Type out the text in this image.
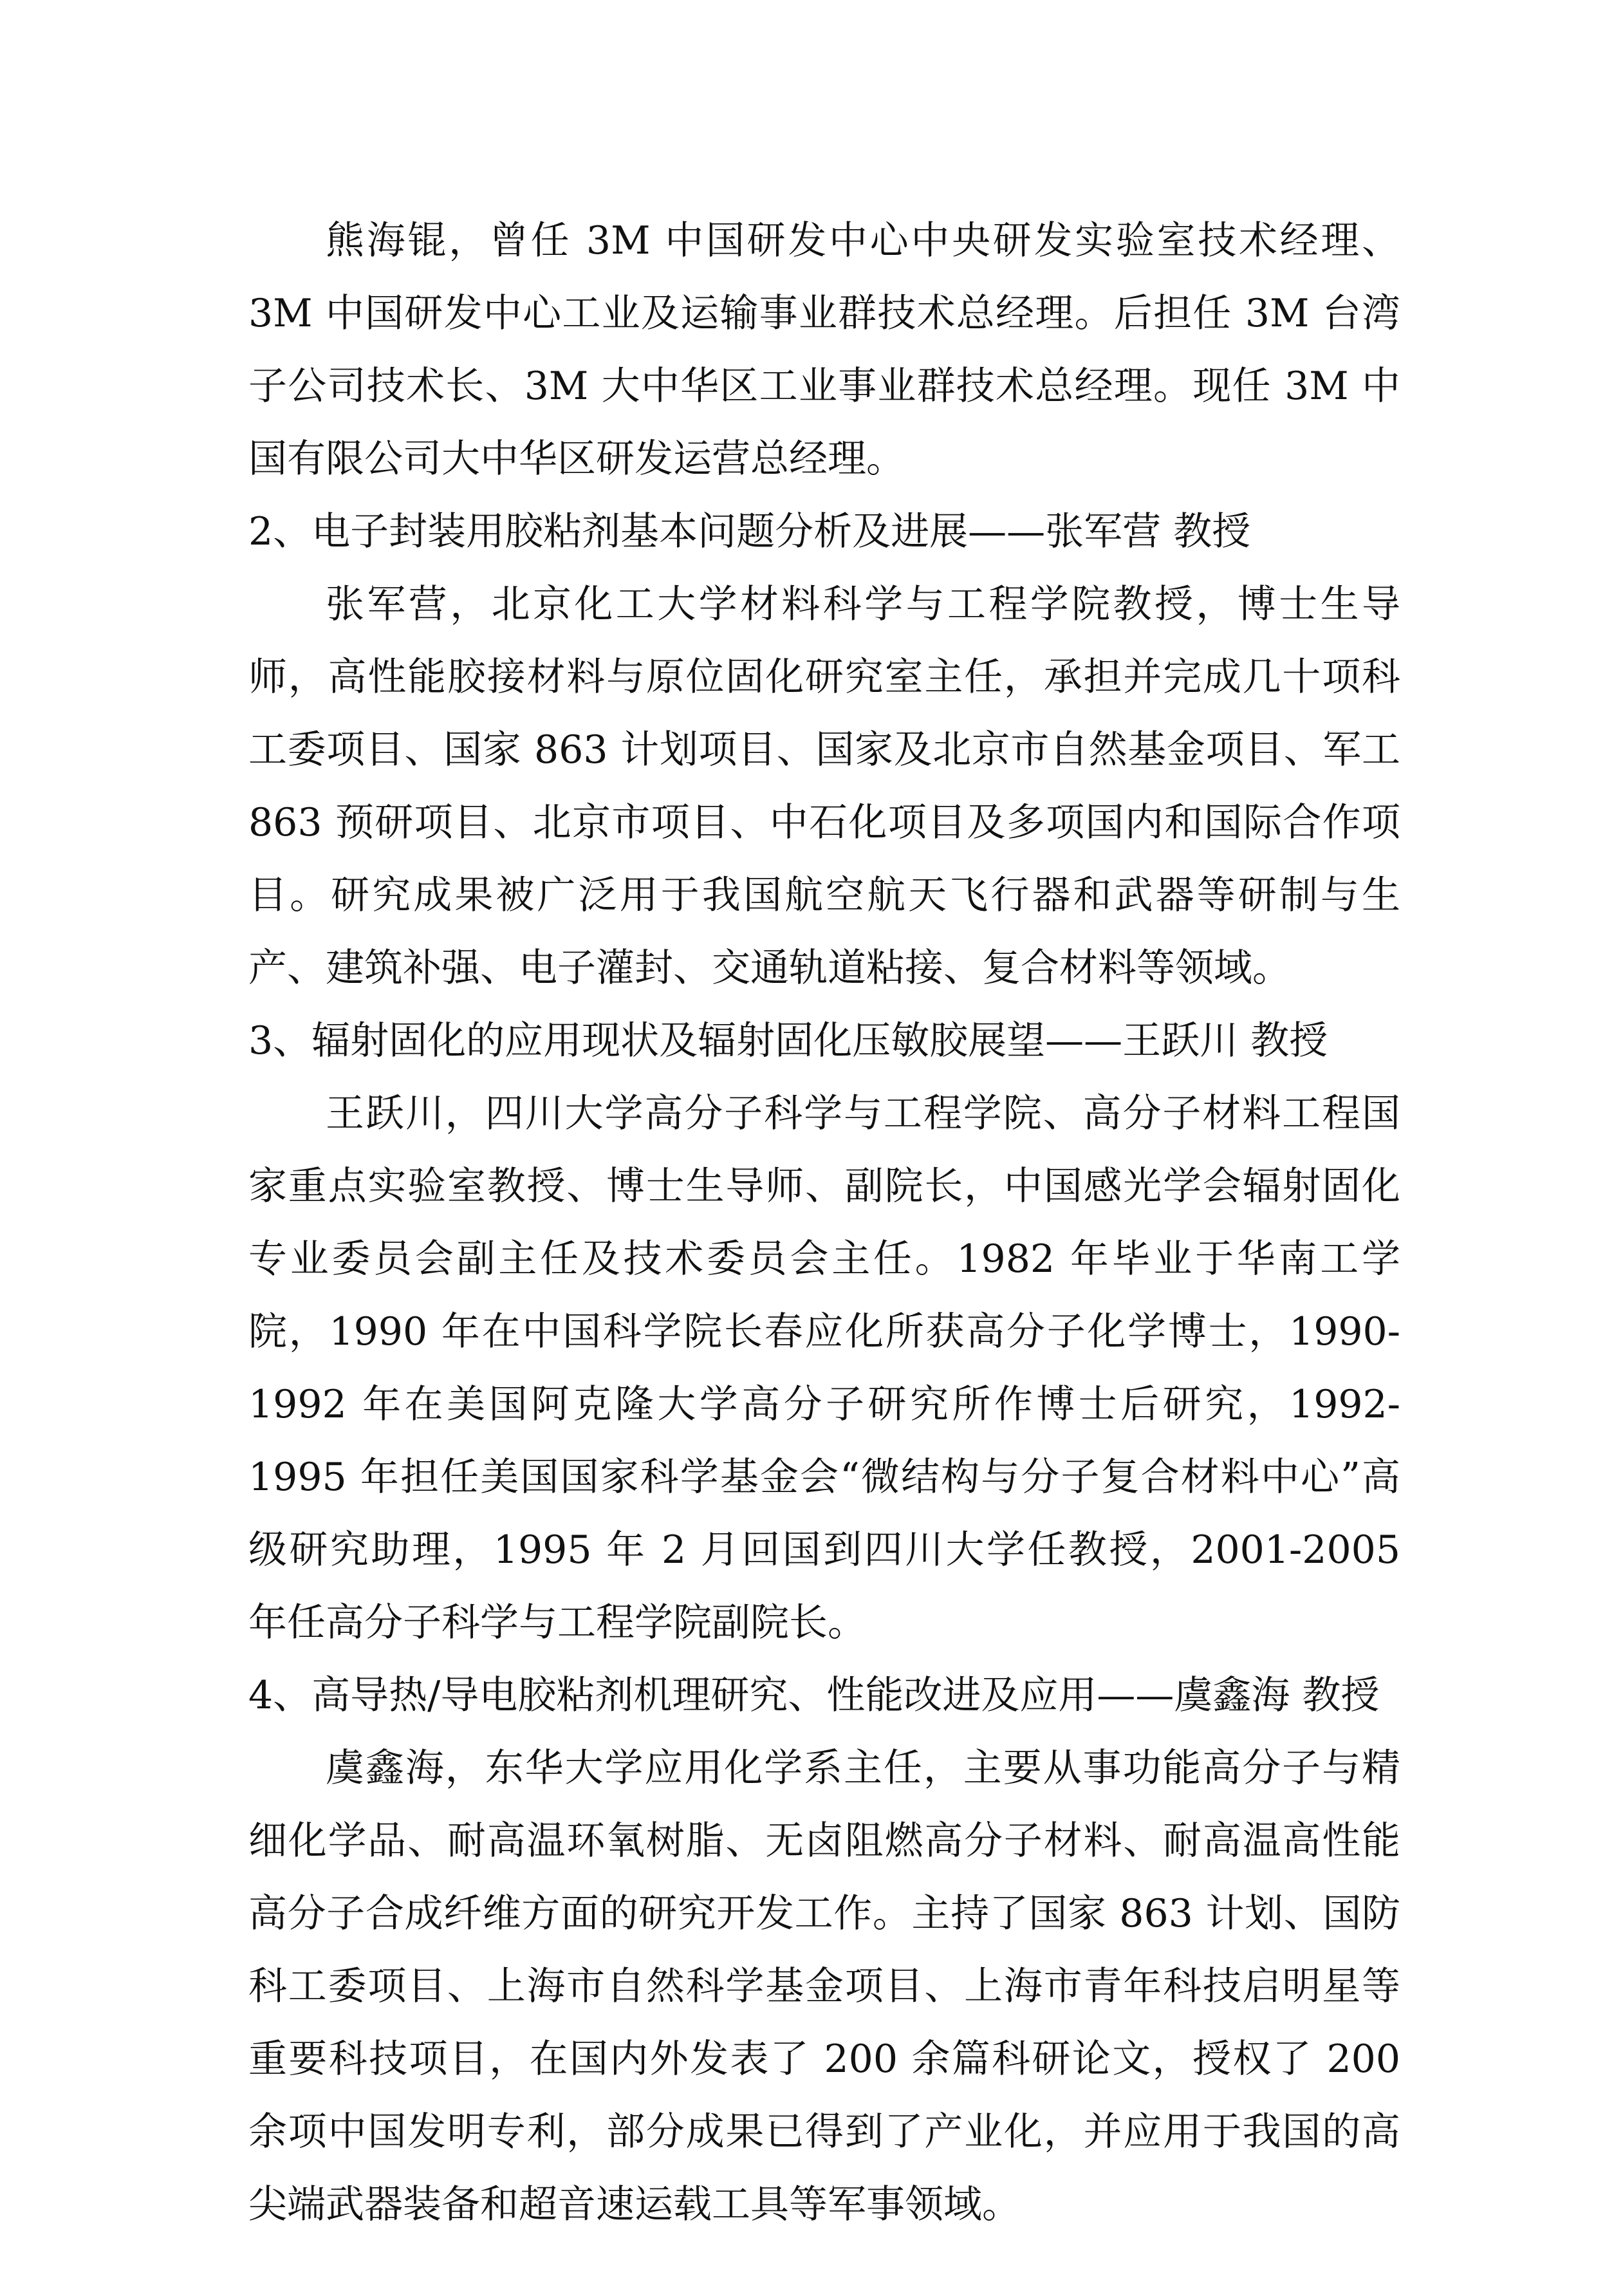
熊海锟，曾任 3M 中国研发中心中央研发实验室技术经理、3M 中国研发中心工业及运输事业群技术总经理。后担任 3M 台湾子公司技术长、3M 大中华区工业事业群技术总经理。现任 3M 中国有限公司大中华区研发运营总经理。

2、电子封装用胶粘剂基本问题分析及进展——张军营 教授

张军营，北京化工大学材料科学与工程学院教授，博士生导师，高性能胶接材料与原位固化研究室主任，承担并完成几十项科工委项目、国家 863 计划项目、国家及北京市自然基金项目、军工 863 预研项目、北京市项目、中石化项目及多项国内和国际合作项目。研究成果被广泛用于我国航空航天飞行器和武器等研制与生产、建筑补强、电子灌封、交通轨道粘接、复合材料等领域。

3、辐射固化的应用现状及辐射固化压敏胶展望——王跃川 教授

王跃川，四川大学高分子科学与工程学院、高分子材料工程国家重点实验室教授、博士生导师、副院长，中国感光学会辐射固化专业委员会副主任及技术委员会主任。1982 年毕业于华南工学院，1990 年在中国科学院长春应化所获高分子化学博士，1990-1992 年在美国阿克隆大学高分子研究所作博士后研究，1992-1995 年担任美国国家科学基金会“微结构与分子复合材料中心”高级研究助理，1995 年 2 月回国到四川大学任教授，2001-2005 年任高分子科学与工程学院副院长。

4、高导热/导电胶粘剂机理研究、性能改进及应用——虞鑫海 教授

虞鑫海，东华大学应用化学系主任，主要从事功能高分子与精细化学品、耐高温环氧树脂、无卤阻燃高分子材料、耐高温高性能高分子合成纤维方面的研究开发工作。主持了国家 863 计划、国防科工委项目、上海市自然科学基金项目、上海市青年科技启明星等重要科技项目，在国内外发表了 200 余篇科研论文，授权了 200 余项中国发明专利，部分成果已得到了产业化，并应用于我国的高尖端武器装备和超音速运载工具等军事领域。
